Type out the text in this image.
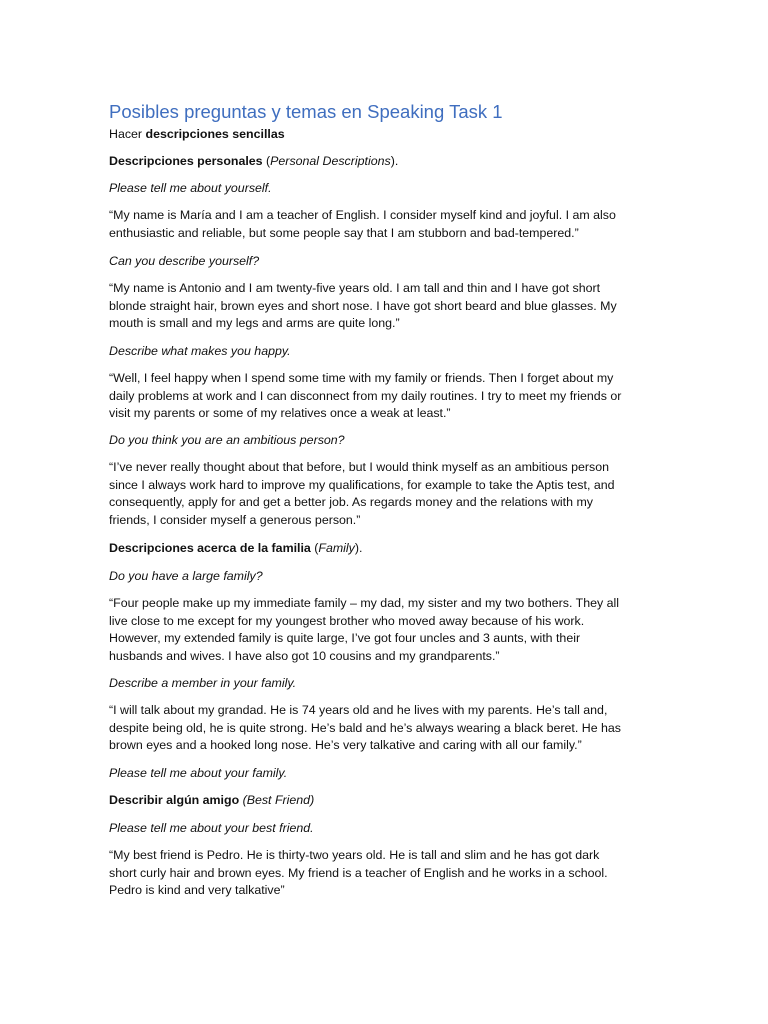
Posibles preguntas y temas en Speaking Task 1
Hacer descripciones sencillas
Descripciones personales (Personal Descriptions).
Please tell me about yourself.
“My name is María and I am a teacher of English. I consider myself kind and joyful. I am also
enthusiastic and reliable, but some people say that I am stubborn and bad-tempered.”
Can you describe yourself?
“My name is Antonio and I am twenty-five years old. I am tall and thin and I have got short
blonde straight hair, brown eyes and short nose. I have got short beard and blue glasses. My
mouth is small and my legs and arms are quite long.”
Describe what makes you happy.
“Well, I feel happy when I spend some time with my family or friends. Then I forget about my
daily problems at work and I can disconnect from my daily routines. I try to meet my friends or
visit my parents or some of my relatives once a weak at least.”
Do you think you are an ambitious person?
“I’ve never really thought about that before, but I would think myself as an ambitious person
since I always work hard to improve my qualifications, for example to take the Aptis test, and
consequently, apply for and get a better job. As regards money and the relations with my
friends, I consider myself a generous person.”
Descripciones acerca de la familia (Family).
Do you have a large family?
“Four people make up my immediate family – my dad, my sister and my two bothers. They all
live close to me except for my youngest brother who moved away because of his work.
However, my extended family is quite large, I’ve got four uncles and 3 aunts, with their
husbands and wives. I have also got 10 cousins and my grandparents.”
Describe a member in your family.
“I will talk about my grandad. He is 74 years old and he lives with my parents. He’s tall and,
despite being old, he is quite strong. He’s bald and he’s always wearing a black beret. He has
brown eyes and a hooked long nose. He’s very talkative and caring with all our family.”
Please tell me about your family.
Describir algún amigo (Best Friend)
Please tell me about your best friend.
“My best friend is Pedro. He is thirty-two years old. He is tall and slim and he has got dark
short curly hair and brown eyes. My friend is a teacher of English and he works in a school.
Pedro is kind and very talkative”
